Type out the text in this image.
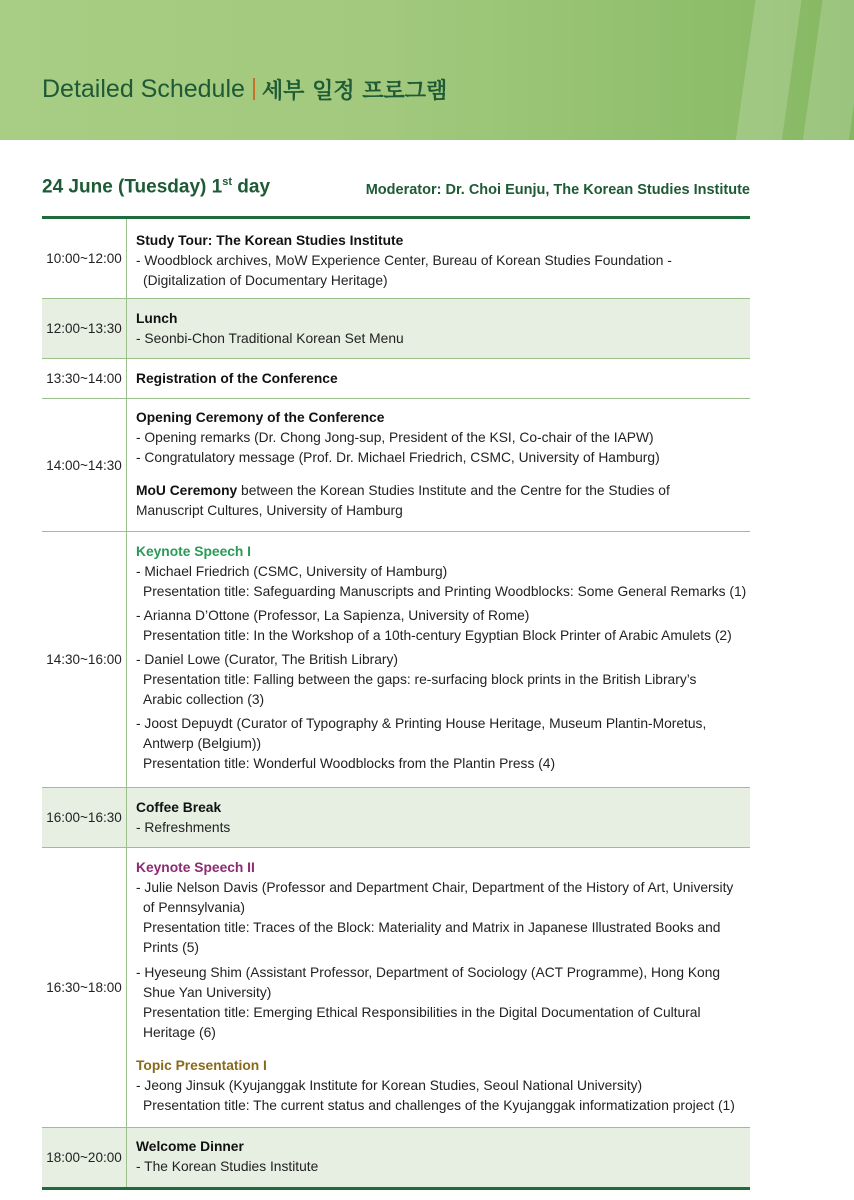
Detailed Schedule 세부 일정 프로그램
24 June (Tuesday) 1st day	Moderator: Dr. Choi Eunju, The Korean Studies Institute
10:00~12:00
Study Tour: The Korean Studies Institute
- Woodblock archives, MoW Experience Center, Bureau of Korean Studies Foundation -
(Digitalization of Documentary Heritage)
12:00~13:30
Lunch
- Seonbi-Chon Traditional Korean Set Menu
13:30~14:00	Registration of the Conference
14:00~14:30
Opening Ceremony of the Conference
- Opening remarks (Dr. Chong Jong-sup, President of the KSI, Co-chair of the IAPW)
- Congratulatory message (Prof. Dr. Michael Friedrich, CSMC, University of Hamburg)
MoU Ceremony between the Korean Studies Institute and the Centre for the Studies of
Manuscript Cultures, University of Hamburg
14:30~16:00
Keynote Speech I
- Michael Friedrich (CSMC, University of Hamburg)
Presentation title: Safeguarding Manuscripts and Printing Woodblocks: Some General Remarks (1)
- Arianna D’Ottone (Professor, La Sapienza, University of Rome)
Presentation title: In the Workshop of a 10th-century Egyptian Block Printer of Arabic Amulets (2)
- Daniel Lowe (Curator, The British Library)
Presentation title: Falling between the gaps: re-surfacing block prints in the British Library’s
Arabic collection (3)
- Joost Depuydt (Curator of Typography & Printing House Heritage, Museum Plantin-Moretus,
Antwerp (Belgium))
Presentation title: Wonderful Woodblocks from the Plantin Press (4)
16:00~16:30
Coffee Break
- Refreshments
16:30~18:00
Keynote Speech II
- Julie Nelson Davis (Professor and Department Chair, Department of the History of Art, University
of Pennsylvania)
Presentation title: Traces of the Block: Materiality and Matrix in Japanese Illustrated Books and
Prints (5)
- Hyeseung Shim (Assistant Professor, Department of Sociology (ACT Programme), Hong Kong
Shue Yan University)
Presentation title: Emerging Ethical Responsibilities in the Digital Documentation of Cultural
Heritage (6)
Topic Presentation I
- Jeong Jinsuk (Kyujanggak Institute for Korean Studies, Seoul National University)
Presentation title: The current status and challenges of the Kyujanggak informatization project (1)
18:00~20:00
Welcome Dinner
- The Korean Studies Institute
